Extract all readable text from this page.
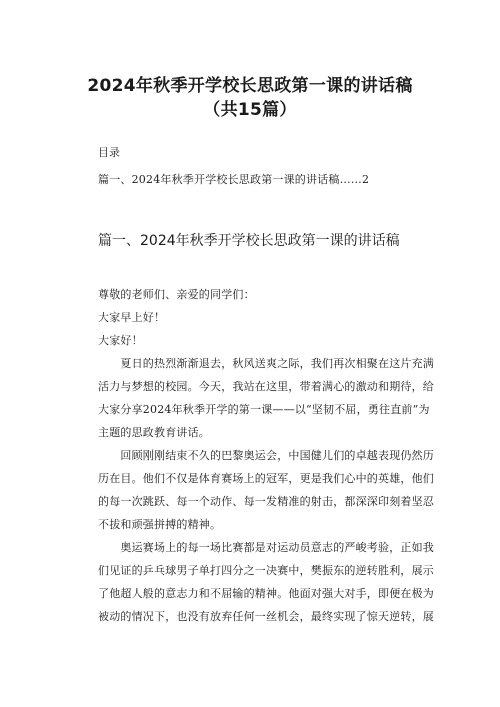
2024年秋季开学校长思政第一课的讲话稿
（共15篇）
目录
篇一、2024年秋季开学校长思政第一课的讲话稿……2
篇一、2024年秋季开学校长思政第一课的讲话稿
尊敬的老师们、亲爱的同学们：
大家早上好！
大家好！
　　夏日的热烈渐渐退去，秋风送爽之际，我们再次相聚在这片充满
活力与梦想的校园。今天，我站在这里，带着满心的激动和期待，给
大家分享2024年秋季开学的第一课——以“坚韧不屈，勇往直前”为
主题的思政教育讲话。
　　回顾刚刚结束不久的巴黎奥运会，中国健儿们的卓越表现仍然历
历在目。他们不仅是体育赛场上的冠军，更是我们心中的英雄，他们
的每一次跳跃、每一个动作、每一发精准的射击，都深深印刻着坚忍
不拔和顽强拼搏的精神。
　　奥运赛场上的每一场比赛都是对运动员意志的严峻考验，正如我
们见证的乒乓球男子单打四分之一决赛中，樊振东的逆转胜利，展示
了他超人般的意志力和不屈输的精神。他面对强大对手，即便在极为
被动的情况下，也没有放弃任何一丝机会，最终实现了惊天逆转，展
